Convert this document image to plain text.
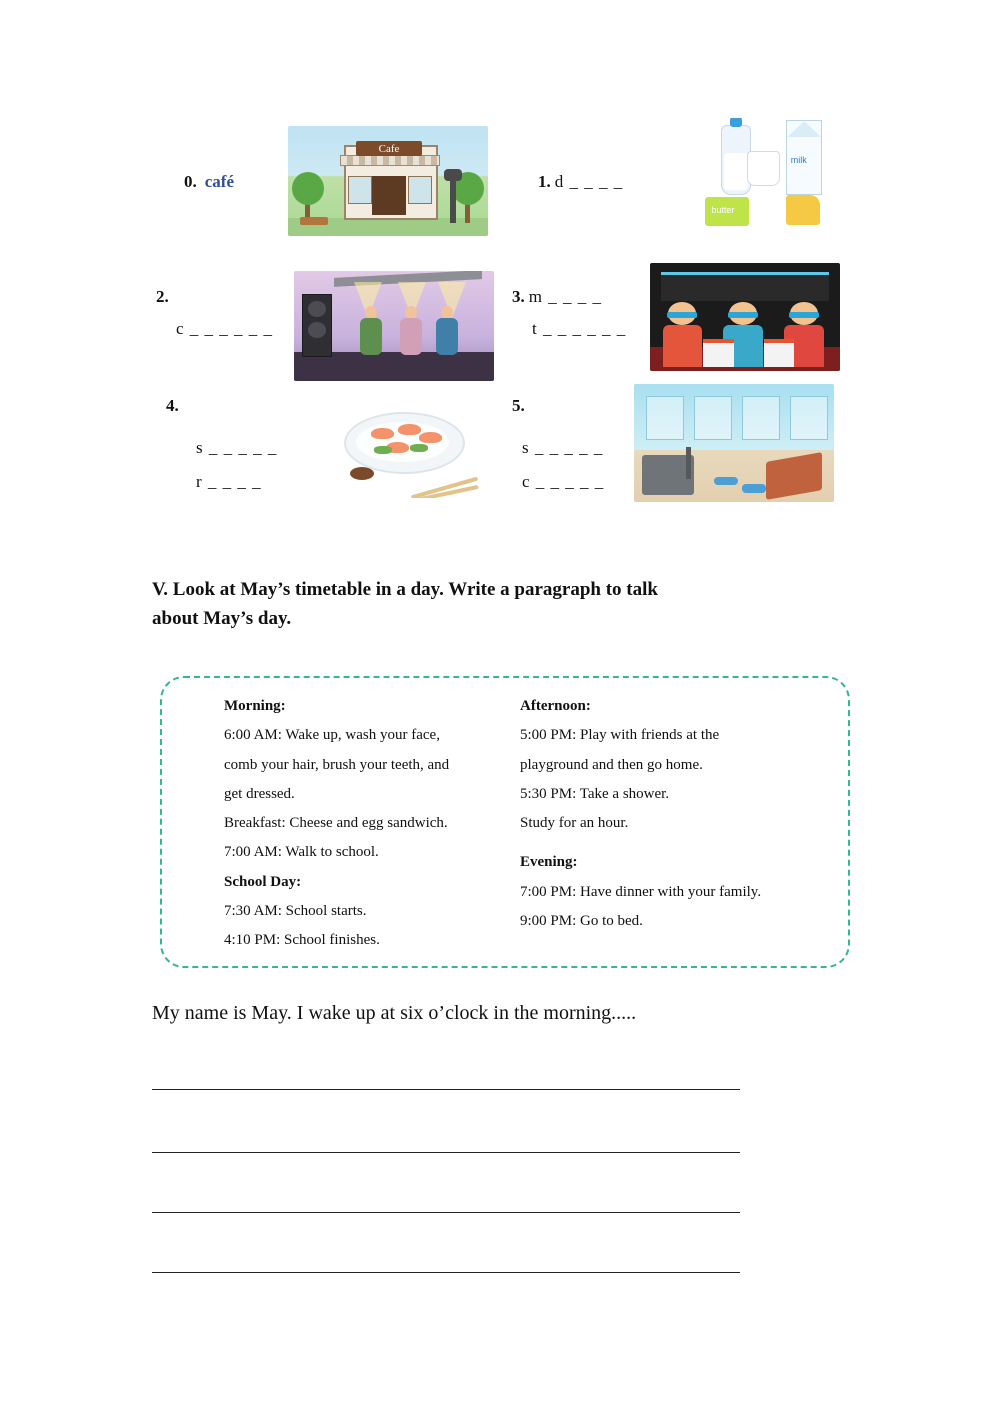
0. café
Cafe
1. d _ _ _ _
milk
butter
2.
c _ _ _ _ _ _
3. m _ _ _ _
t _ _ _ _ _ _
4.
s _ _ _ _ _
r _ _ _ _
5.
s _ _ _ _ _
c _ _ _ _ _
V. Look at May’s timetable in a day. Write a paragraph to talk
about May’s day.
Morning:
6:00 AM: Wake up, wash your face,
comb your hair, brush your teeth, and
get dressed.
Breakfast: Cheese and egg sandwich.
7:00 AM: Walk to school.
School Day:
7:30 AM: School starts.
4:10 PM: School finishes.
Afternoon:
5:00 PM: Play with friends at the
playground and then go home.
5:30 PM: Take a shower.
Study for an hour.
Evening:
7:00 PM: Have dinner with your family.
9:00 PM: Go to bed.
My name is May. I wake up at six o’clock in the morning.....
